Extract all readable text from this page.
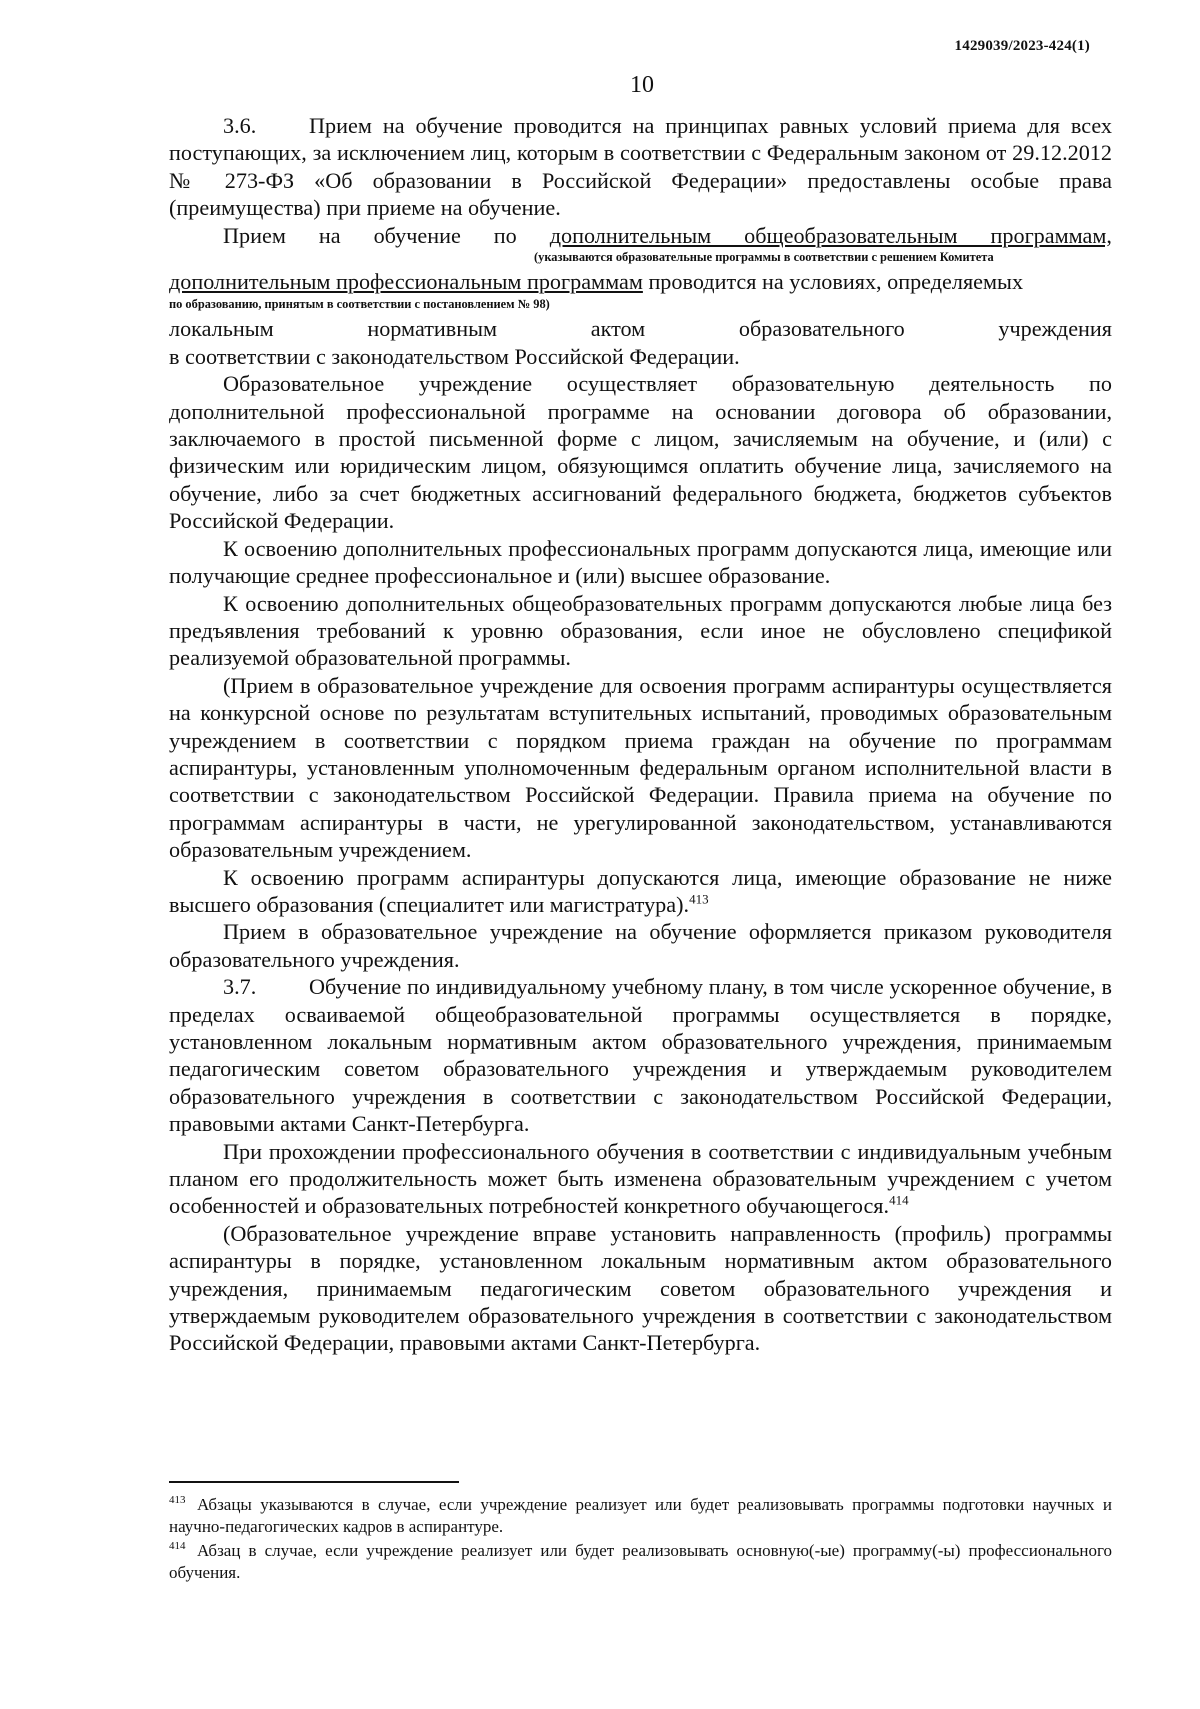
1429039/2023-424(1)
10

3.6. Прием на обучение проводится на принципах равных условий приема для всех поступающих, за исключением лиц, которым в соответствии с Федеральным законом от 29.12.2012 № 273-ФЗ «Об образовании в Российской Федерации» предоставлены особые права (преимущества) при приеме на обучение.

Прием на обучение по дополнительным общеобразовательным программам,

(указываются образовательные программы в соответствии с решением Комитета

дополнительным профессиональным программам проводится на условиях, определяемых

по образованию, принятым в соответствии с постановлением № 98)

локальным нормативным актом образовательного учреждения

в соответствии с законодательством Российской Федерации.

Образовательное учреждение осуществляет образовательную деятельность по дополнительной профессиональной программе на основании договора об образовании, заключаемого в простой письменной форме с лицом, зачисляемым на обучение, и (или) с физическим или юридическим лицом, обязующимся оплатить обучение лица, зачисляемого на обучение, либо за счет бюджетных ассигнований федерального бюджета, бюджетов субъектов Российской Федерации.

К освоению дополнительных профессиональных программ допускаются лица, имеющие или получающие среднее профессиональное и (или) высшее образование.

К освоению дополнительных общеобразовательных программ допускаются любые лица без предъявления требований к уровню образования, если иное не обусловлено спецификой реализуемой образовательной программы.

(Прием в образовательное учреждение для освоения программ аспирантуры осуществляется на конкурсной основе по результатам вступительных испытаний, проводимых образовательным учреждением в соответствии с порядком приема граждан на обучение по программам аспирантуры, установленным уполномоченным федеральным органом исполнительной власти в соответствии с законодательством Российской Федерации. Правила приема на обучение по программам аспирантуры в части, не урегулированной законодательством, устанавливаются образовательным учреждением.

К освоению программ аспирантуры допускаются лица, имеющие образование не ниже высшего образования (специалитет или магистратура).$^{413}$

Прием в образовательное учреждение на обучение оформляется приказом руководителя образовательного учреждения.

3.7. Обучение по индивидуальному учебному плану, в том числе ускоренное обучение, в пределах осваиваемой общеобразовательной программы осуществляется в порядке, установленном локальным нормативным актом образовательного учреждения, принимаемым педагогическим советом образовательного учреждения и утверждаемым руководителем образовательного учреждения в соответствии с законодательством Российской Федерации, правовыми актами Санкт-Петербурга.

При прохождении профессионального обучения в соответствии с индивидуальным учебным планом его продолжительность может быть изменена образовательным учреждением с учетом особенностей и образовательных потребностей конкретного обучающегося.$^{414}$

(Образовательное учреждение вправе установить направленность (профиль) программы аспирантуры в порядке, установленном локальным нормативным актом образовательного учреждения, принимаемым педагогическим советом образовательного учреждения и утверждаемым руководителем образовательного учреждения в соответствии с законодательством Российской Федерации, правовыми актами Санкт-Петербурга.

$^{413}$ Абзацы указываются в случае, если учреждение реализует или будет реализовывать программы подготовки научных и научно-педагогических кадров в аспирантуре.
$^{414}$ Абзац в случае, если учреждение реализует или будет реализовывать основную(-ые) программу(-ы) профессионального обучения.
